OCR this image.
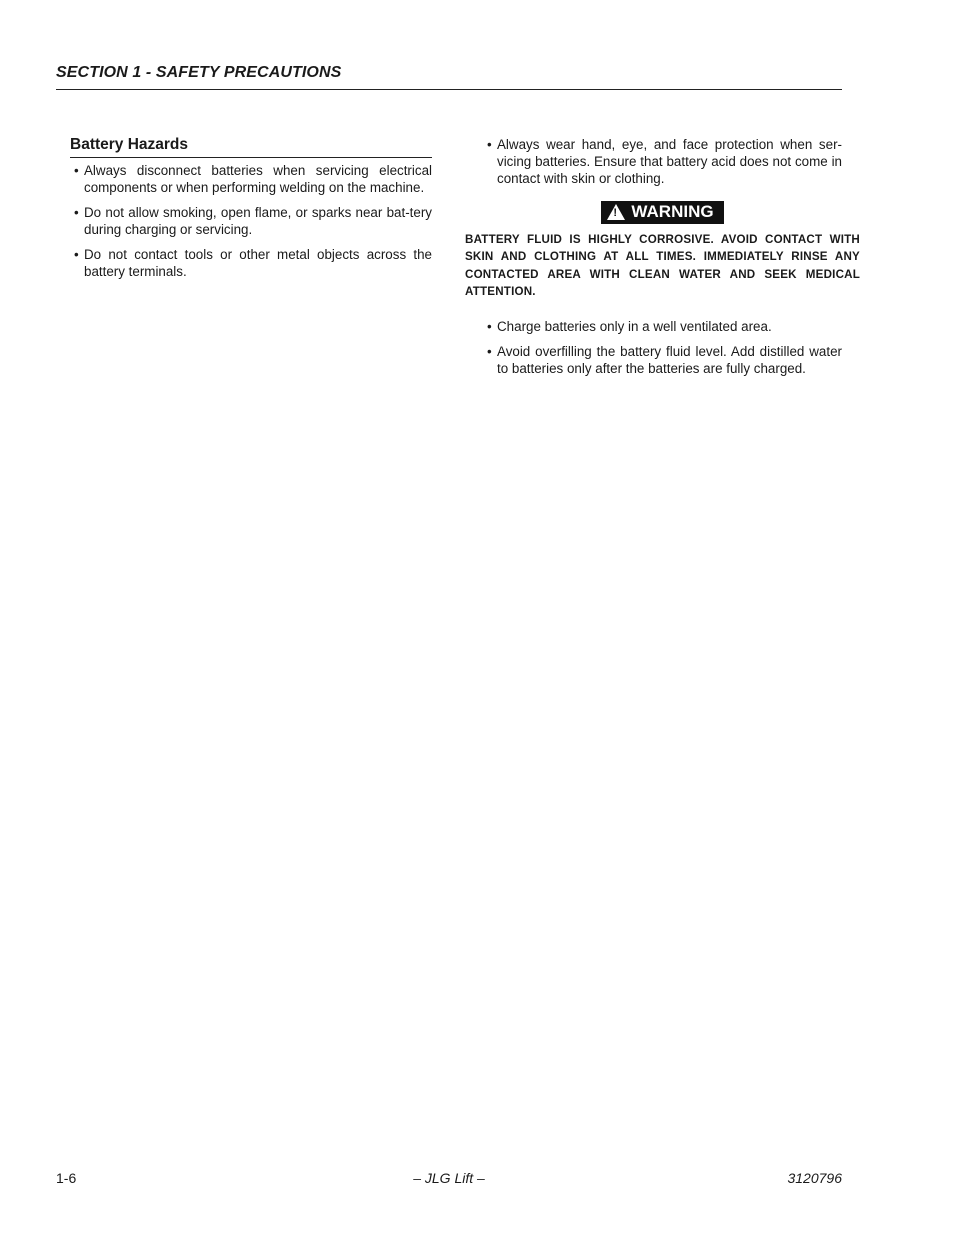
SECTION 1 - SAFETY PRECAUTIONS
Battery Hazards
• Always disconnect batteries when servicing electrical components or when performing welding on the machine.
• Do not allow smoking, open flame, or sparks near bat-tery during charging or servicing.
• Do not contact tools or other metal objects across the battery terminals.
• Always wear hand, eye, and face protection when ser-vicing batteries. Ensure that battery acid does not come in contact with skin or clothing.
! WARNING
BATTERY FLUID IS HIGHLY CORROSIVE. AVOID CONTACT WITH SKIN AND CLOTHING AT ALL TIMES. IMMEDIATELY RINSE ANY CONTACTED AREA WITH CLEAN WATER AND SEEK MEDICAL ATTENTION.
• Charge batteries only in a well ventilated area.
• Avoid overfilling the battery fluid level. Add distilled water to batteries only after the batteries are fully charged.
1-6	– JLG Lift –	3120796
